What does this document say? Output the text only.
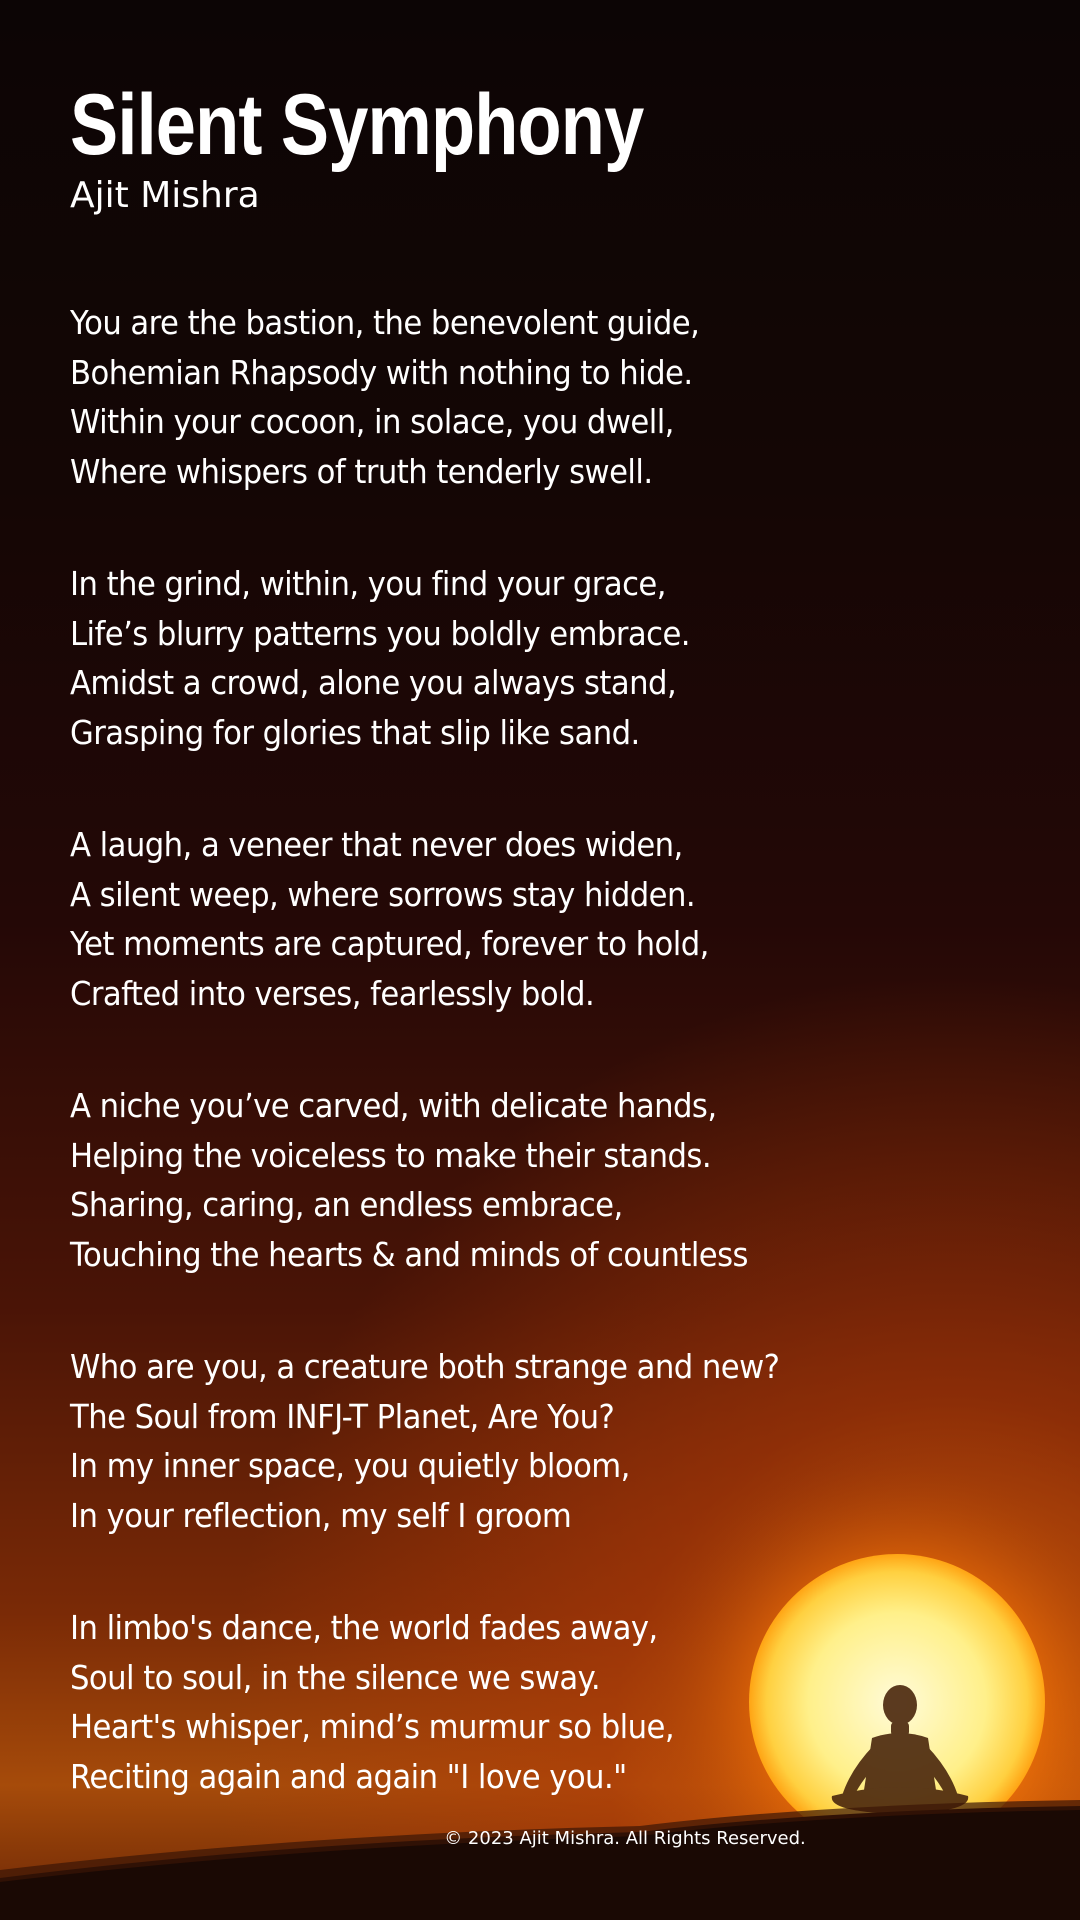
Silent Symphony
Ajit Mishra
You are the bastion, the benevolent guide,
Bohemian Rhapsody with nothing to hide.
Within your cocoon, in solace, you dwell,
Where whispers of truth tenderly swell.
In the grind, within, you find your grace,
Life’s blurry patterns you boldly embrace.
Amidst a crowd, alone you always stand,
Grasping for glories that slip like sand.
A laugh, a veneer that never does widen,
A silent weep, where sorrows stay hidden.
Yet moments are captured, forever to hold,
Crafted into verses, fearlessly bold.
A niche you’ve carved, with delicate hands,
Helping the voiceless to make their stands.
Sharing, caring, an endless embrace,
Touching the hearts & and minds of countless
Who are you, a creature both strange and new?
The Soul from INFJ-T Planet, Are You?
In my inner space, you quietly bloom,
In your reflection, my self I groom
In limbo's dance, the world fades away,
Soul to soul, in the silence we sway.
Heart's whisper, mind’s murmur so blue,
Reciting again and again "I love you."
© 2023 Ajit Mishra. All Rights Reserved.
